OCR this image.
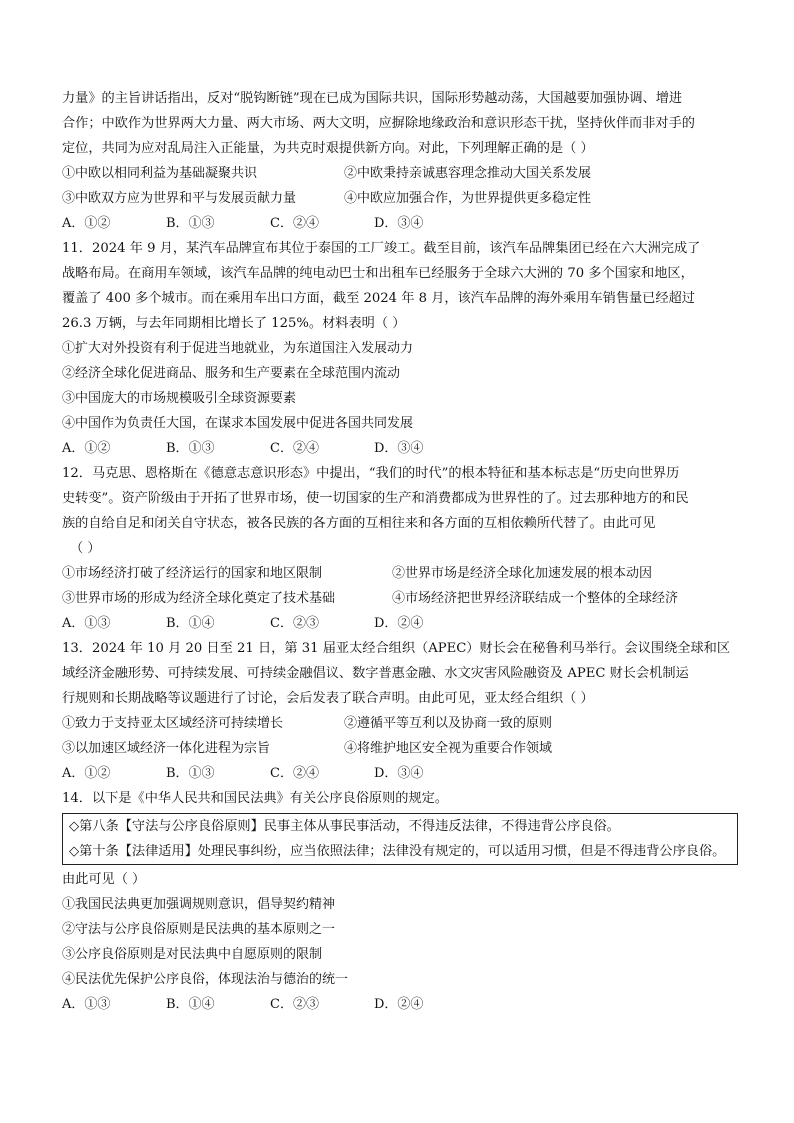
力量》的主旨讲话指出，反对“脱钩断链”现在已成为国际共识，国际形势越动荡，大国越要加强协调、增进
合作；中欧作为世界两大力量、两大市场、两大文明，应摒除地缘政治和意识形态干扰，坚持伙伴而非对手的
定位，共同为应对乱局注入正能量，为共克时艰提供新方向。对此，下列理解正确的是（ ）
①中欧以相同利益为基础凝聚共识	②中欧秉持亲诚惠容理念推动大国关系发展
③中欧双方应为世界和平与发展贡献力量	④中欧应加强合作，为世界提供更多稳定性
A．①②	B．①③	C．②④	D．③④
11．2024 年 9 月，某汽车品牌宣布其位于泰国的工厂竣工。截至目前，该汽车品牌集团已经在六大洲完成了
战略布局。在商用车领域，该汽车品牌的纯电动巴士和出租车已经服务于全球六大洲的 70 多个国家和地区，
覆盖了 400 多个城市。而在乘用车出口方面，截至 2024 年 8 月，该汽车品牌的海外乘用车销售量已经超过
26.3 万辆，与去年同期相比增长了 125%。材料表明（ ）
①扩大对外投资有利于促进当地就业，为东道国注入发展动力
②经济全球化促进商品、服务和生产要素在全球范围内流动
③中国庞大的市场规模吸引全球资源要素
④中国作为负责任大国，在谋求本国发展中促进各国共同发展
A．①②	B．①③	C．②④	D．③④
12．马克思、恩格斯在《德意志意识形态》中提出，“我们的时代”的根本特征和基本标志是“历史向世界历
史转变”。资产阶级由于开拓了世界市场，使一切国家的生产和消费都成为世界性的了。过去那种地方的和民
族的自给自足和闭关自守状态，被各民族的各方面的互相往来和各方面的互相依赖所代替了。由此可见
（ ）
①市场经济打破了经济运行的国家和地区限制	②世界市场是经济全球化加速发展的根本动因
③世界市场的形成为经济全球化奠定了技术基础	④市场经济把世界经济联结成一个整体的全球经济
A．①③	B．①④	C．②③	D．②④
13．2024 年 10 月 20 日至 21 日，第 31 届亚太经合组织（APEC）财长会在秘鲁利马举行。会议围绕全球和区
域经济金融形势、可持续发展、可持续金融倡议、数字普惠金融、水文灾害风险融资及 APEC 财长会机制运
行规则和长期战略等议题进行了讨论，会后发表了联合声明。由此可见，亚太经合组织（ ）
①致力于支持亚太区域经济可持续增长	②遵循平等互利以及协商一致的原则
③以加速区域经济一体化进程为宗旨	④将维护地区安全视为重要合作领域
A．①②	B．①③	C．②④	D．③④
14．以下是《中华人民共和国民法典》有关公序良俗原则的规定。
◇第八条【守法与公序良俗原则】民事主体从事民事活动，不得违反法律，不得违背公序良俗。
◇第十条【法律适用】处理民事纠纷，应当依照法律；法律没有规定的，可以适用习惯，但是不得违背公序良俗。
由此可见（ ）
①我国民法典更加强调规则意识，倡导契约精神
②守法与公序良俗原则是民法典的基本原则之一
③公序良俗原则是对民法典中自愿原则的限制
④民法优先保护公序良俗，体现法治与德治的统一
A．①③	B．①④	C．②③	D．②④
